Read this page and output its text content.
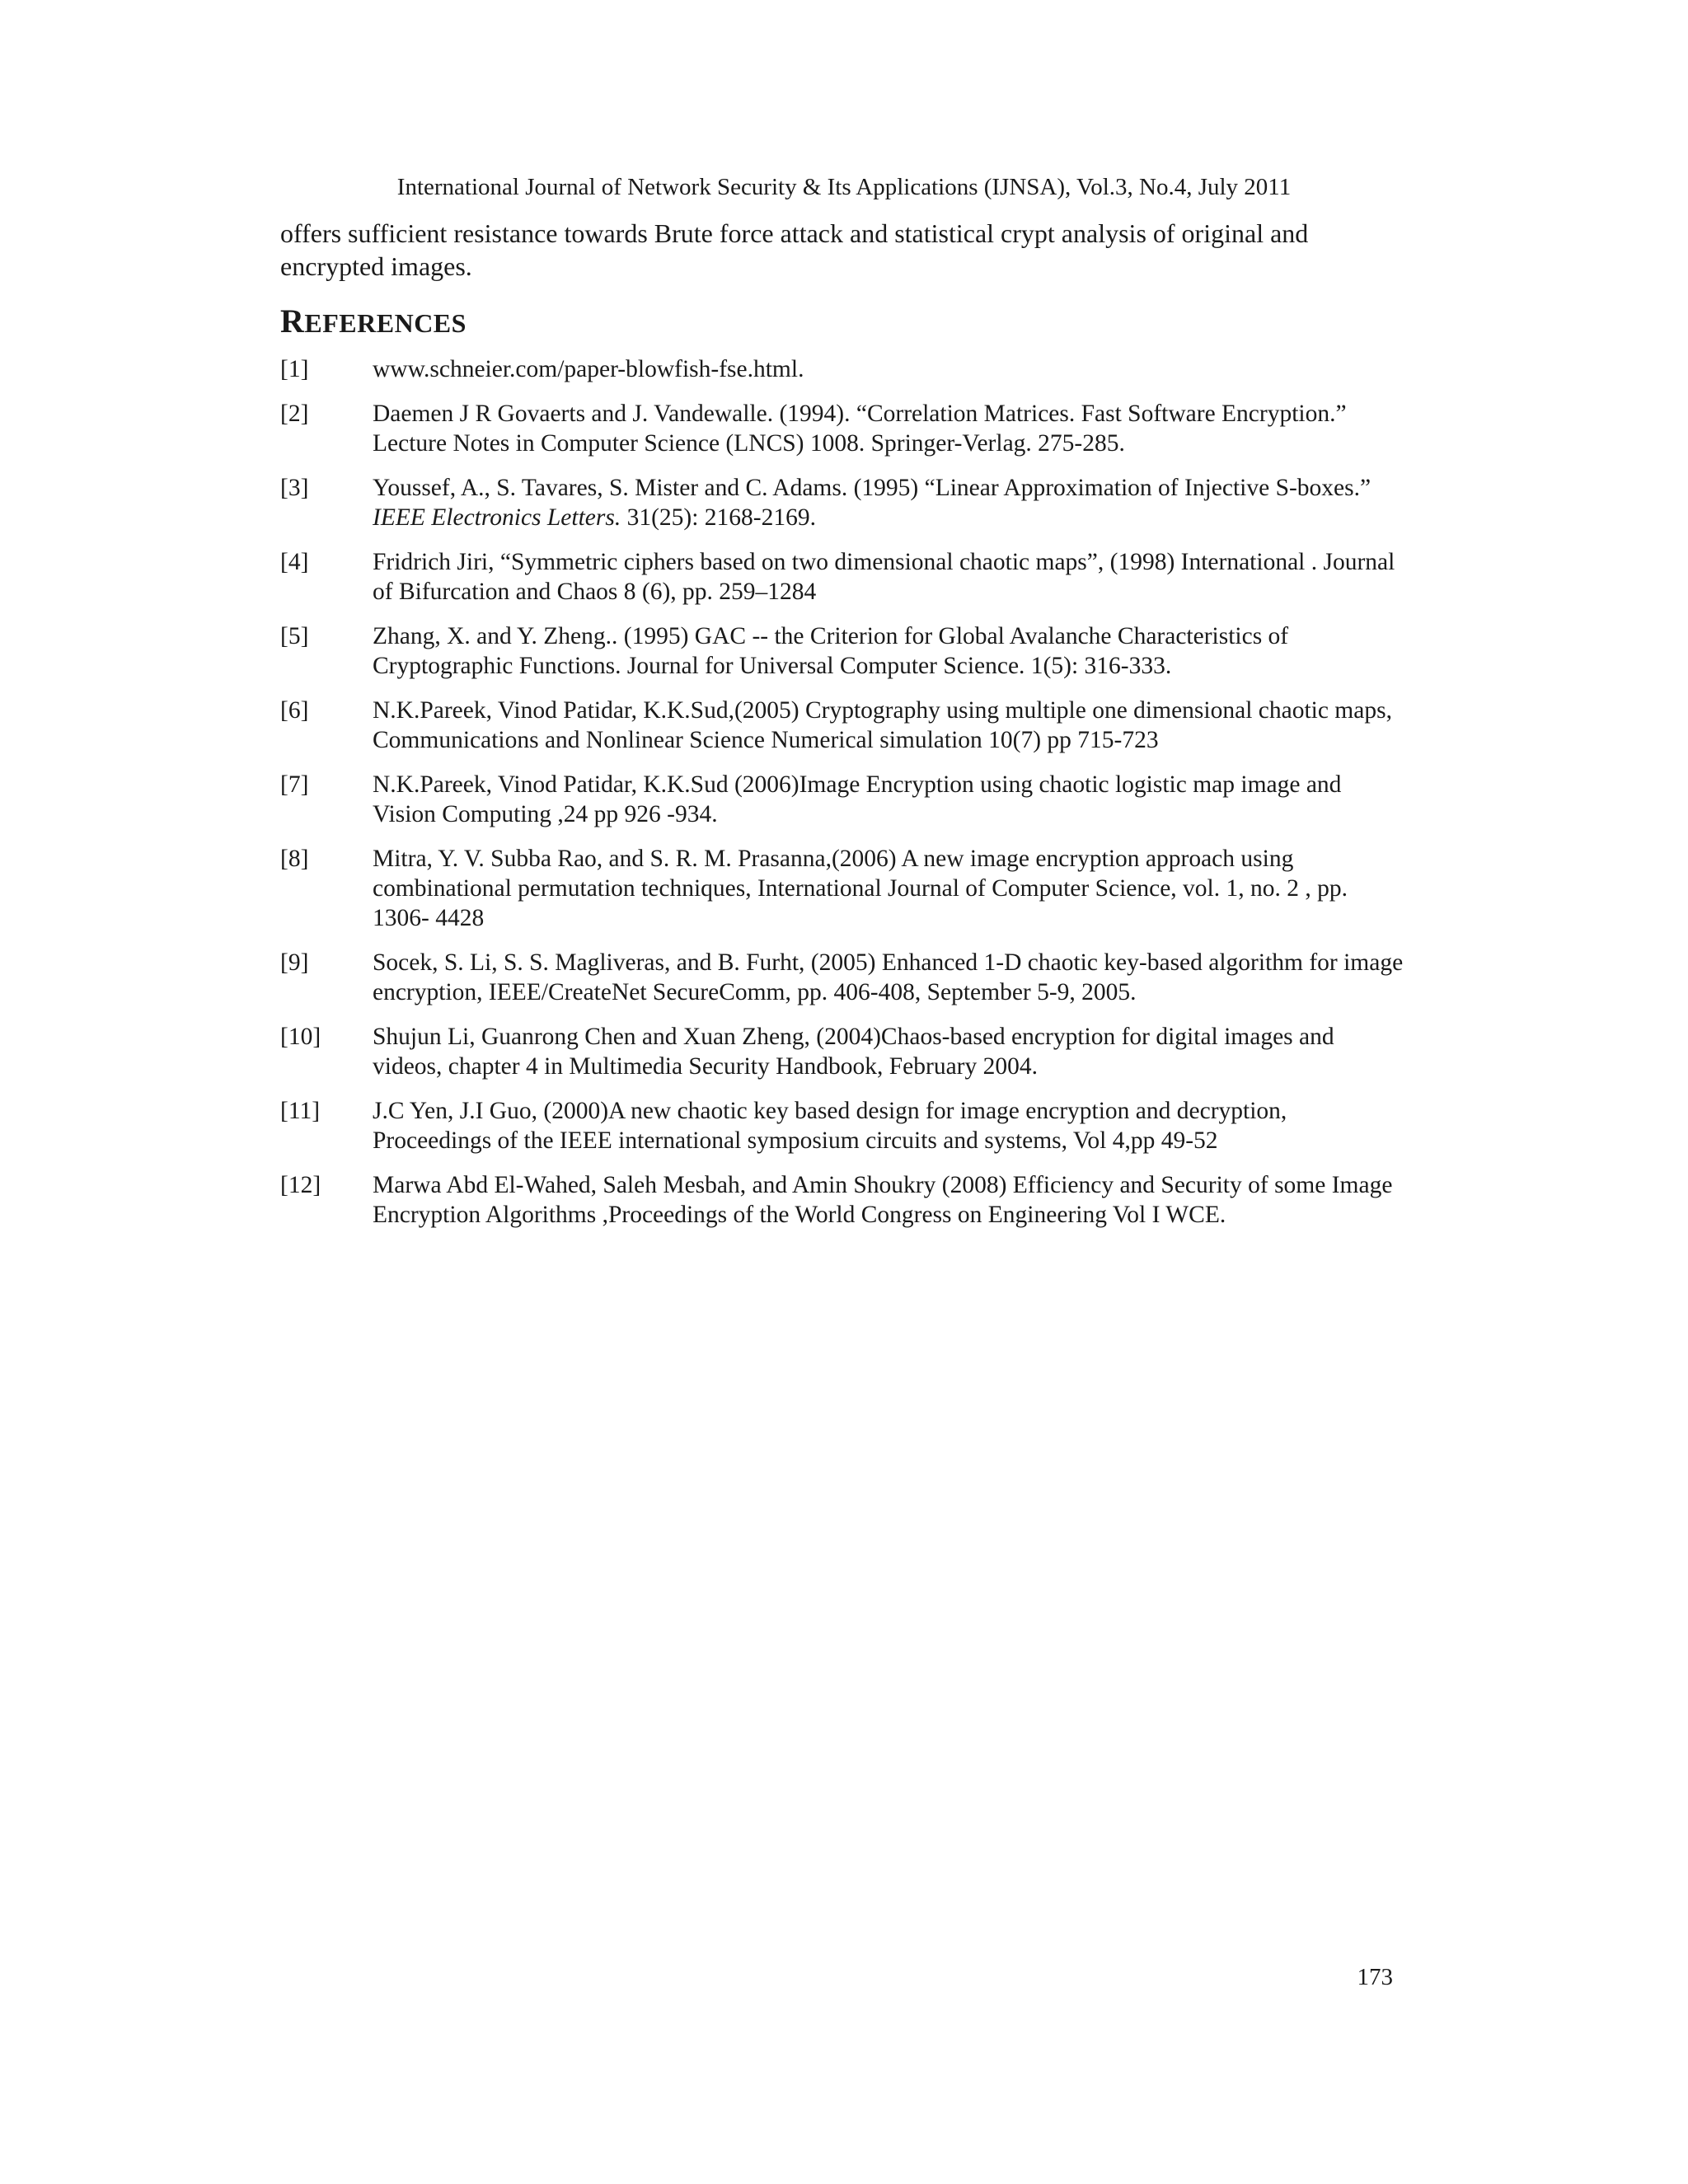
International Journal of Network Security & Its Applications (IJNSA), Vol.3, No.4, July 2011
offers sufficient resistance towards Brute force attack and statistical crypt analysis of original and encrypted images.
REFERENCES
[1]	www.schneier.com/paper-blowfish-fse.html.
[2]	Daemen J R Govaerts and J. Vandewalle. (1994). “Correlation Matrices. Fast Software Encryption.” Lecture Notes in Computer Science (LNCS) 1008. Springer-Verlag. 275-285.
[3]	Youssef, A., S. Tavares, S. Mister and C. Adams. (1995) “Linear Approximation of Injective S-boxes.” IEEE Electronics Letters. 31(25): 2168-2169.
[4]	Fridrich Jiri, “Symmetric ciphers based on two dimensional chaotic maps”, (1998) International . Journal of Bifurcation and Chaos 8 (6), pp. 259–1284
[5]	Zhang, X. and Y. Zheng.. (1995) GAC -- the Criterion for Global Avalanche Characteristics of Cryptographic Functions. Journal for Universal Computer Science. 1(5): 316-333.
[6]	N.K.Pareek, Vinod Patidar, K.K.Sud,(2005) Cryptography using multiple one dimensional chaotic maps, Communications and Nonlinear Science Numerical simulation 10(7) pp 715-723
[7]	N.K.Pareek, Vinod Patidar, K.K.Sud (2006)Image Encryption using chaotic logistic map image and Vision Computing ,24 pp 926 -934.
[8]	Mitra, Y. V. Subba Rao, and S. R. M. Prasanna,(2006) A new image encryption approach using combinational permutation techniques, International Journal of Computer Science, vol. 1, no. 2 , pp. 1306- 4428
[9]	Socek, S. Li, S. S. Magliveras, and B. Furht, (2005) Enhanced 1-D chaotic key-based algorithm for image encryption, IEEE/CreateNet SecureComm, pp. 406-408, September 5-9, 2005.
[10]	Shujun Li, Guanrong Chen and Xuan Zheng, (2004)Chaos-based encryption for digital images and videos, chapter 4 in Multimedia Security Handbook, February 2004.
[11]	J.C Yen, J.I Guo, (2000)A new chaotic key based design for image encryption and decryption, Proceedings of the IEEE international symposium circuits and systems, Vol 4,pp 49-52
[12]	Marwa Abd El-Wahed, Saleh Mesbah, and Amin Shoukry (2008) Efficiency and Security of some Image Encryption Algorithms ,Proceedings of the World Congress on Engineering Vol I WCE.
173
